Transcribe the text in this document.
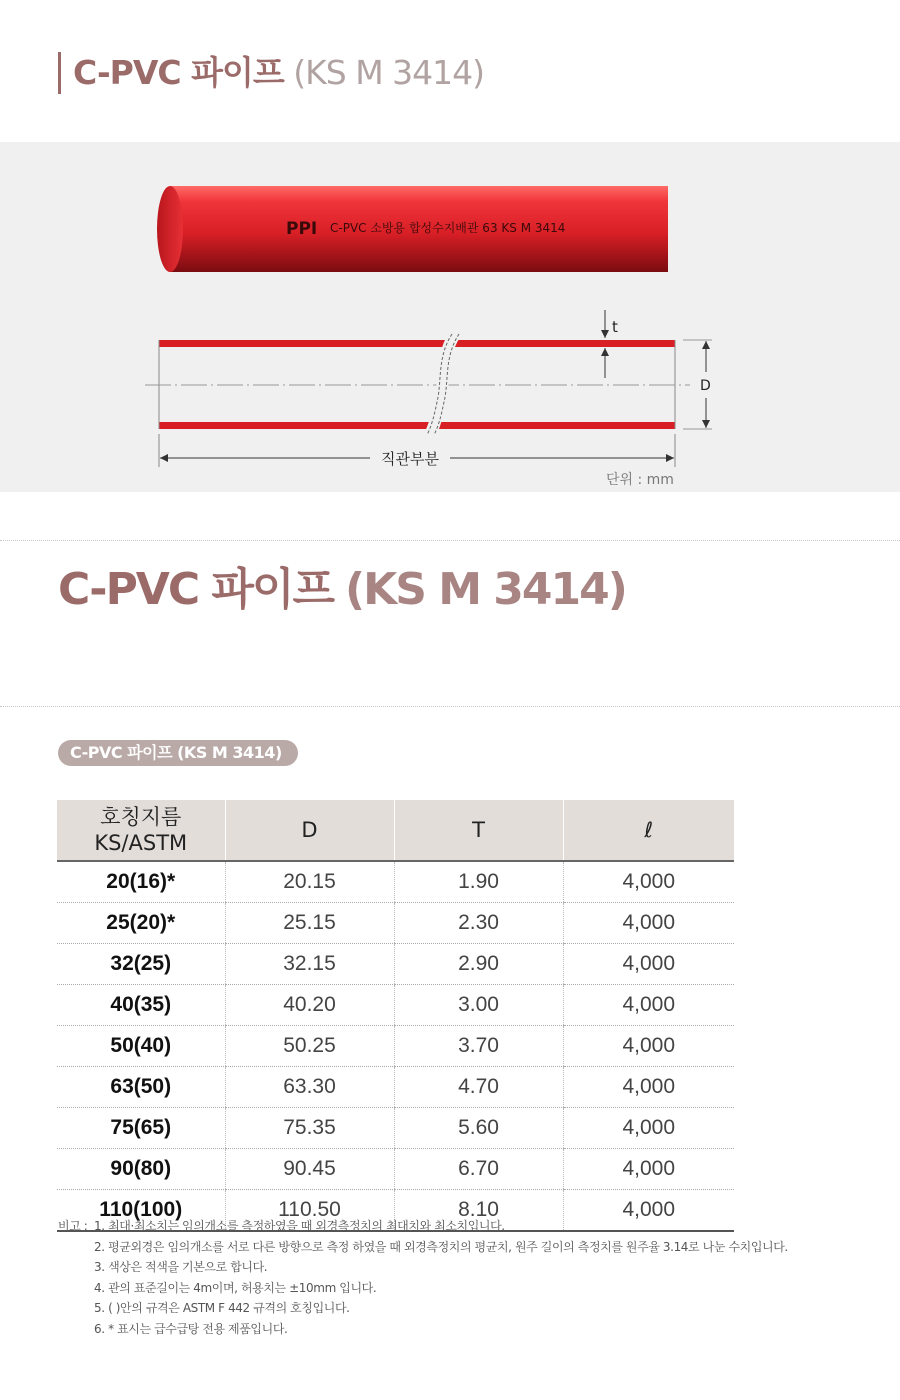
C-PVC 파이프 (KS M 3414)
PPI C-PVC 소방용 합성수지배관 63 KS M 3414
t
D
직관부분
단위 : mm
C-PVC 파이프 (KS M 3414)
C-PVC 파이프 (KS M 3414)
호칭지름
KS/ASTM	D	T	ℓ
20(16)*	20.15	1.90	4,000
25(20)*	25.15	2.30	4,000
32(25)	32.15	2.90	4,000
40(35)	40.20	3.00	4,000
50(40)	50.25	3.70	4,000
63(50)	63.30	4.70	4,000
75(65)	75.35	5.60	4,000
90(80)	90.45	6.70	4,000
110(100)	110.50	8.10	4,000
비고 : 1. 최대·최소치는 임의개소를 측정하였을 때 외경측정치의 최대치와 최소치입니다.
2. 평균외경은 임의개소를 서로 다른 방향으로 측정 하였을 때 외경측정치의 평균치, 원주 길이의 측정치를 원주율 3.14로 나눈 수치입니다.
3. 색상은 적색을 기본으로 합니다.
4. 관의 표준길이는 4m이며, 허용치는 ±10mm 입니다.
5. ( )안의 규격은 ASTM F 442 규격의 호칭입니다.
6. * 표시는 급수급탕 전용 제품입니다.
